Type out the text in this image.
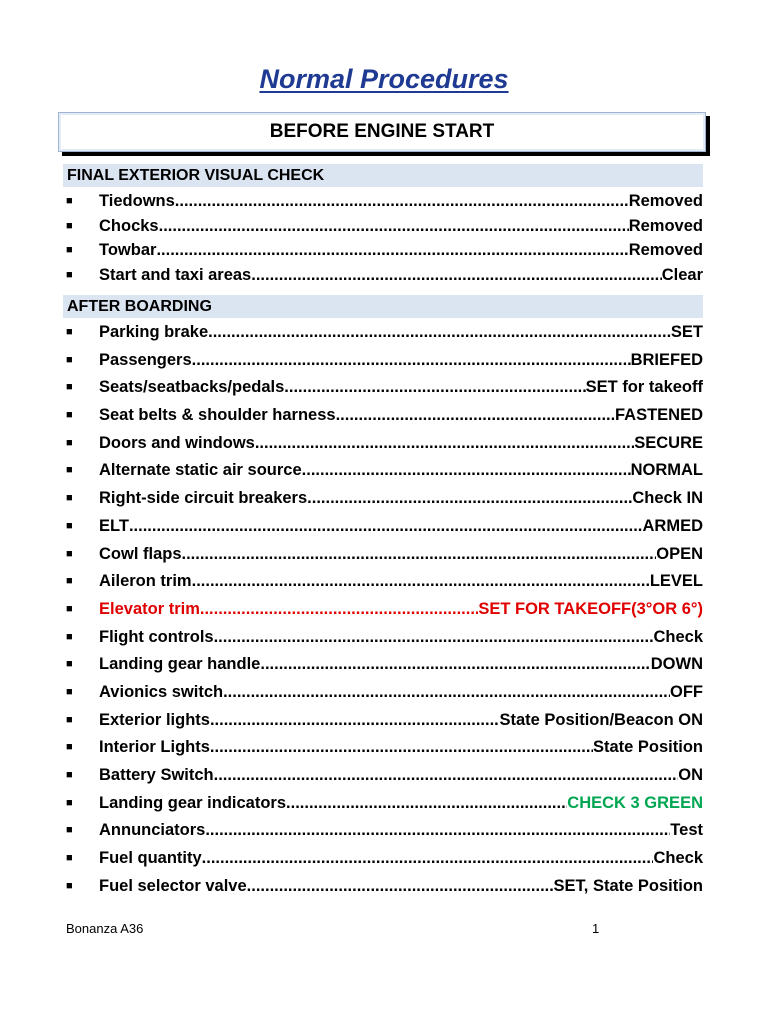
Normal Procedures
BEFORE ENGINE START
FINAL EXTERIOR VISUAL CHECK
■	Tiedowns .....	Removed
■	Chocks .....	Removed
■	Towbar .....	Removed
■	Start and taxi areas .....	Clear
AFTER BOARDING
■	Parking brake .....	SET
■	Passengers .....	BRIEFED
■	Seats/seatbacks/pedals .....	SET for takeoff
■	Seat belts & shoulder harness .....	FASTENED
■	Doors and windows .....	SECURE
■	Alternate static air source .....	NORMAL
■	Right-side circuit breakers .....	Check IN
■	ELT .....	ARMED
■	Cowl flaps .....	OPEN
■	Aileron trim .....	LEVEL
■	Elevator trim .....	SET FOR TAKEOFF(3°OR 6°)
■	Flight controls .....	Check
■	Landing gear handle .....	DOWN
■	Avionics switch .....	OFF
■	Exterior lights .....	State Position/Beacon ON
■	Interior Lights .....	State Position
■	Battery Switch .....	ON
■	Landing gear indicators .....	CHECK 3 GREEN
■	Annunciators .....	Test
■	Fuel quantity .....	Check
■	Fuel selector valve .....	SET, State Position
Bonanza A36	1
